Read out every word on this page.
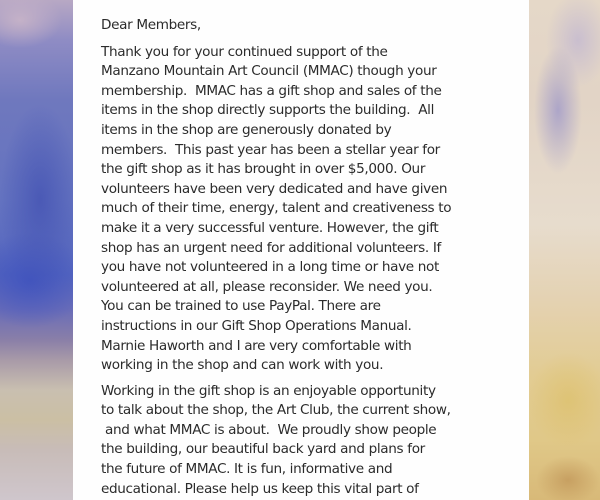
Dear Members,

Thank you for your continued support of the
Manzano Mountain Art Council (MMAC) though your
membership.  MMAC has a gift shop and sales of the
items in the shop directly supports the building.  All
items in the shop are generously donated by
members.  This past year has been a stellar year for
the gift shop as it has brought in over $5,000. Our
volunteers have been very dedicated and have given
much of their time, energy, talent and creativeness to
make it a very successful venture. However, the gift
shop has an urgent need for additional volunteers. If
you have not volunteered in a long time or have not
volunteered at all, please reconsider. We need you.
You can be trained to use PayPal. There are
instructions in our Gift Shop Operations Manual.
Marnie Haworth and I are very comfortable with
working in the shop and can work with you.

Working in the gift shop is an enjoyable opportunity
to talk about the shop, the Art Club, the current show,
and what MMAC is about.  We proudly show people
the building, our beautiful back yard and plans for
the future of MMAC. It is fun, informative and
educational. Please help us keep this vital part of
